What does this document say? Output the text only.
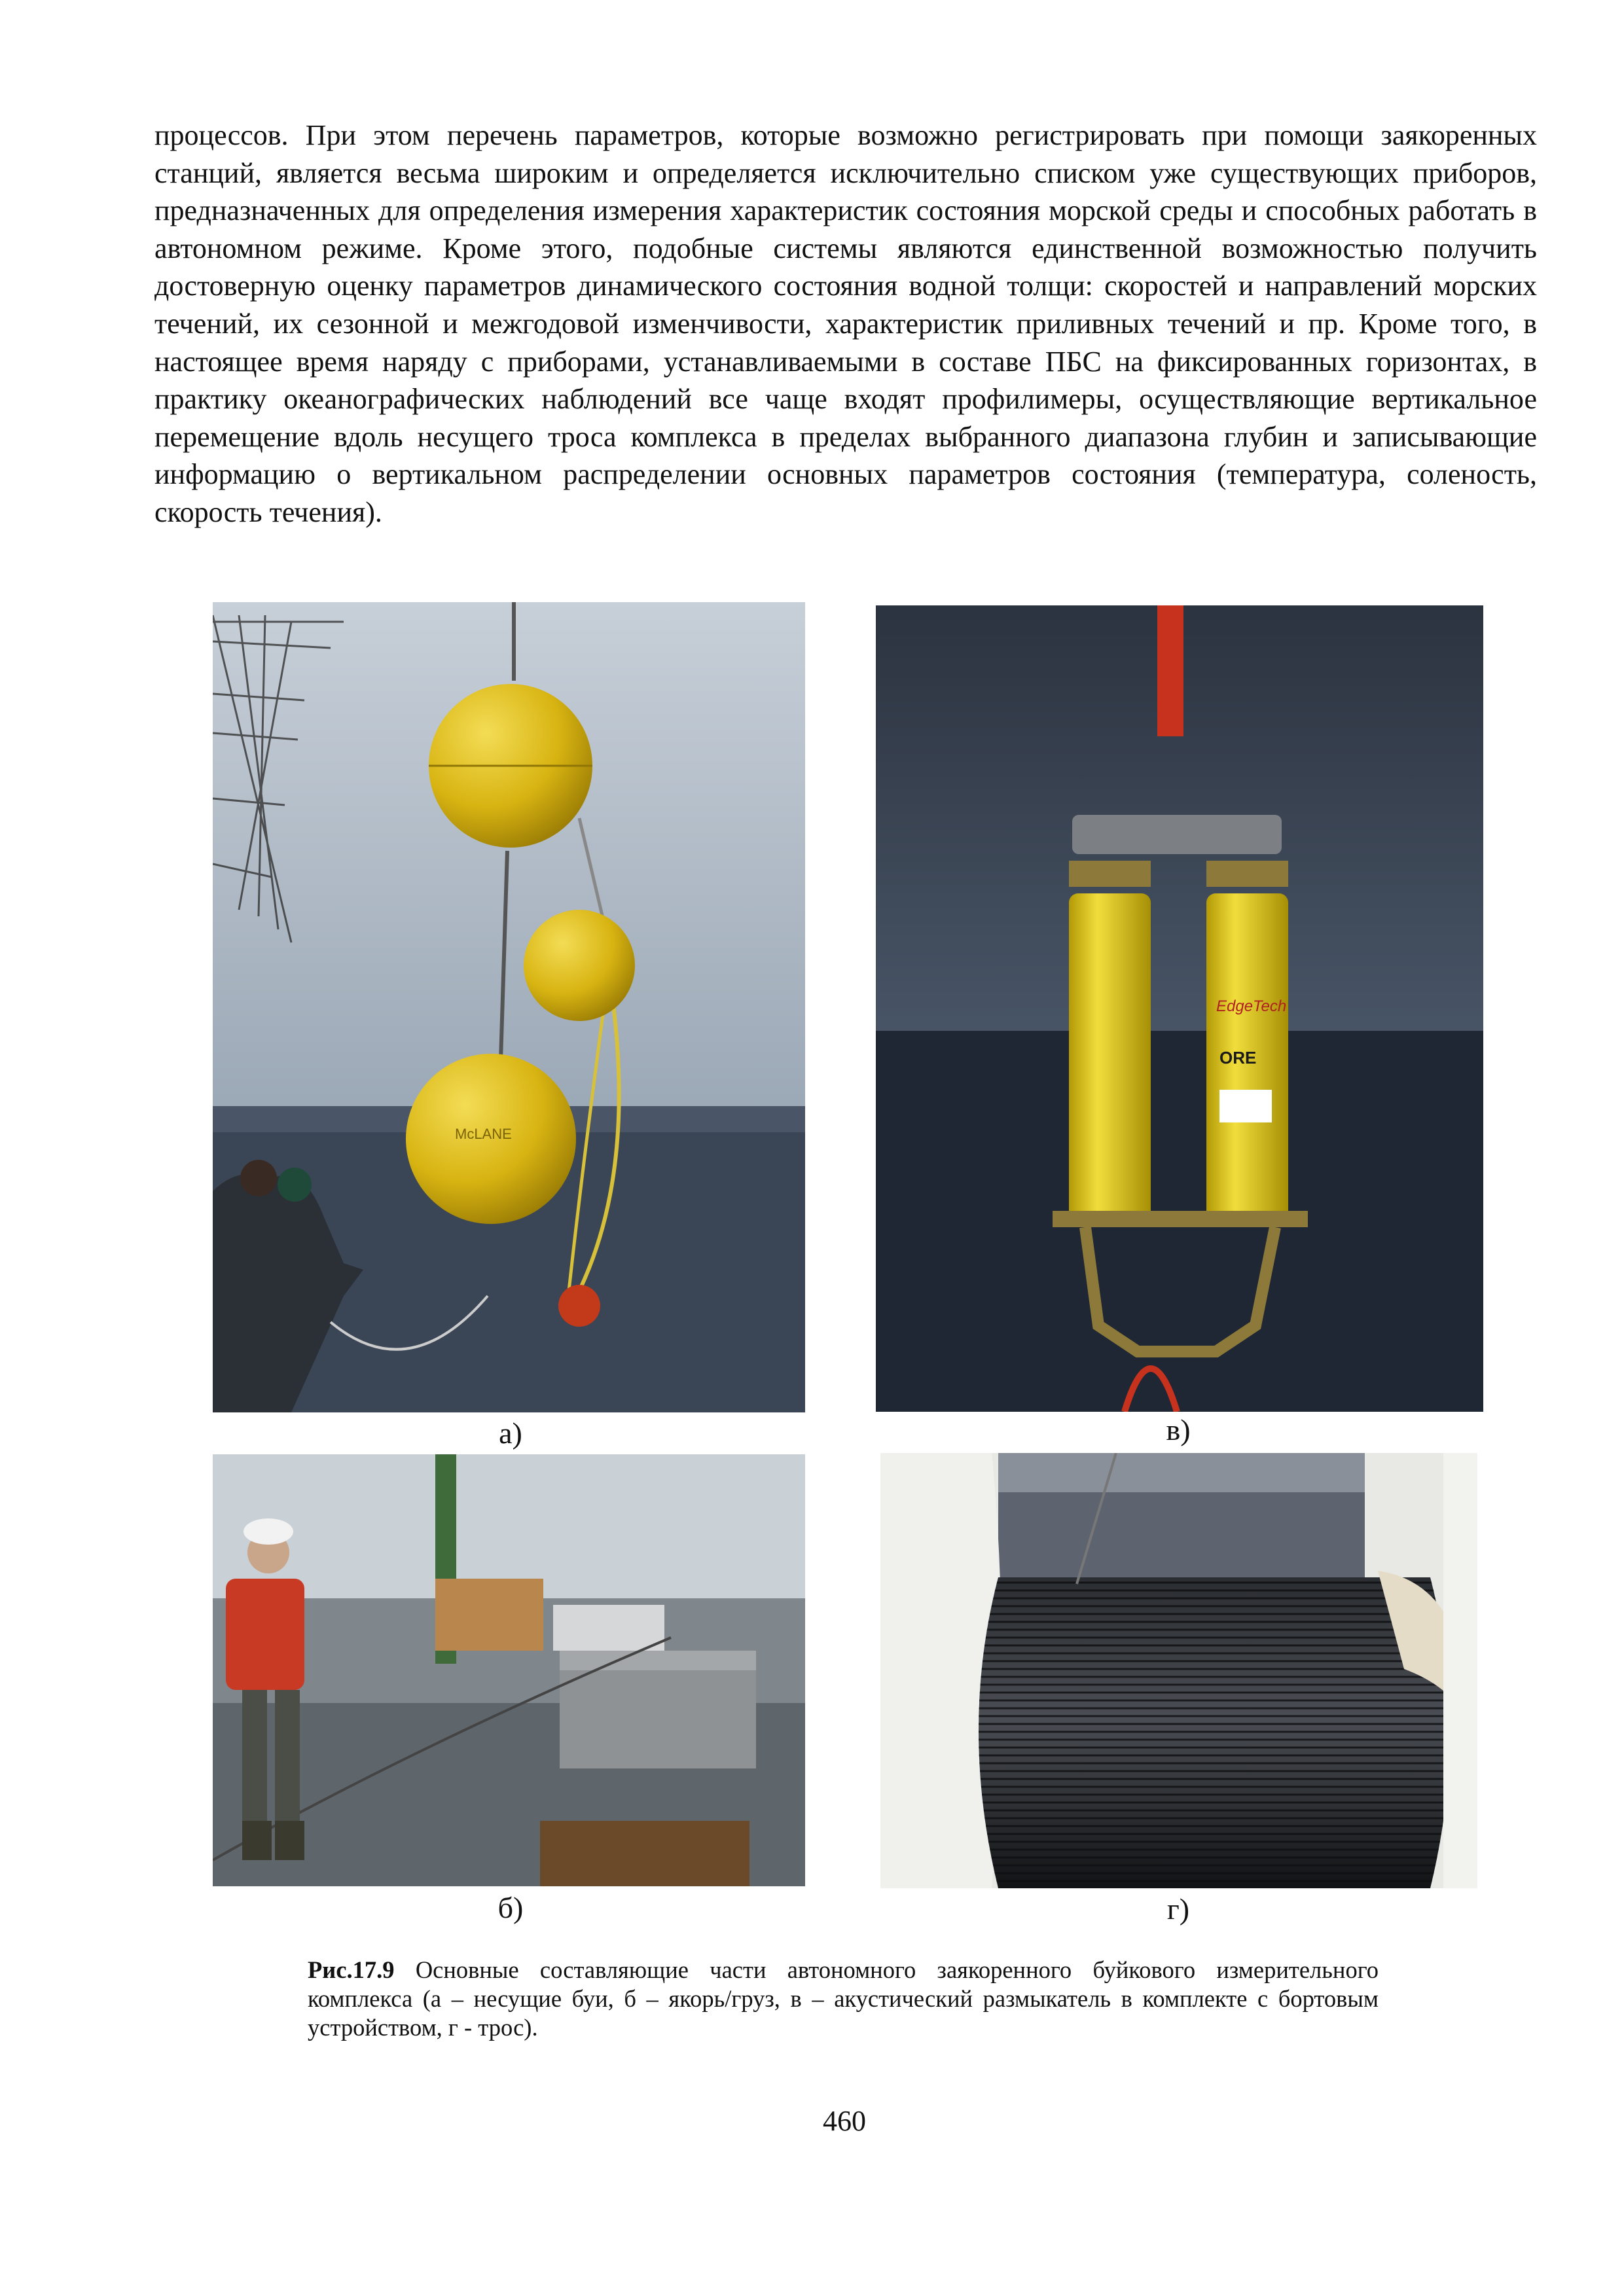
процессов. При этом перечень параметров, которые возможно регистрировать при помощи заякоренных станций, является весьма широким и определяется исключительно списком уже существующих приборов, предназначенных для определения измерения характеристик состояния морской среды и способных работать в автономном режиме. Кроме этого, подобные системы являются единственной возможностью получить достоверную оценку параметров динамического состояния водной толщи: скоростей и направлений морских течений, их сезонной и межгодовой изменчивости, характеристик приливных течений и пр. Кроме того, в настоящее время наряду с приборами, устанавливаемыми в составе ПБС на фиксированных горизонтах, в практику океанографических наблюдений все чаще входят профилимеры, осуществляющие вертикальное перемещение вдоль несущего троса комплекса в пределах выбранного диапазона глубин и записывающие информацию о вертикальном распределении основных параметров состояния (температура, соленость, скорость течения).

McLANE
EdgeTech
ORE
а)	в)
б)	г)

Рис.17.9 Основные составляющие части автономного заякоренного буйкового измерительного комплекса (а – несущие буи, б – якорь/груз, в – акустический размыкатель в комплекте с бортовым устройством, г - трос).

460
